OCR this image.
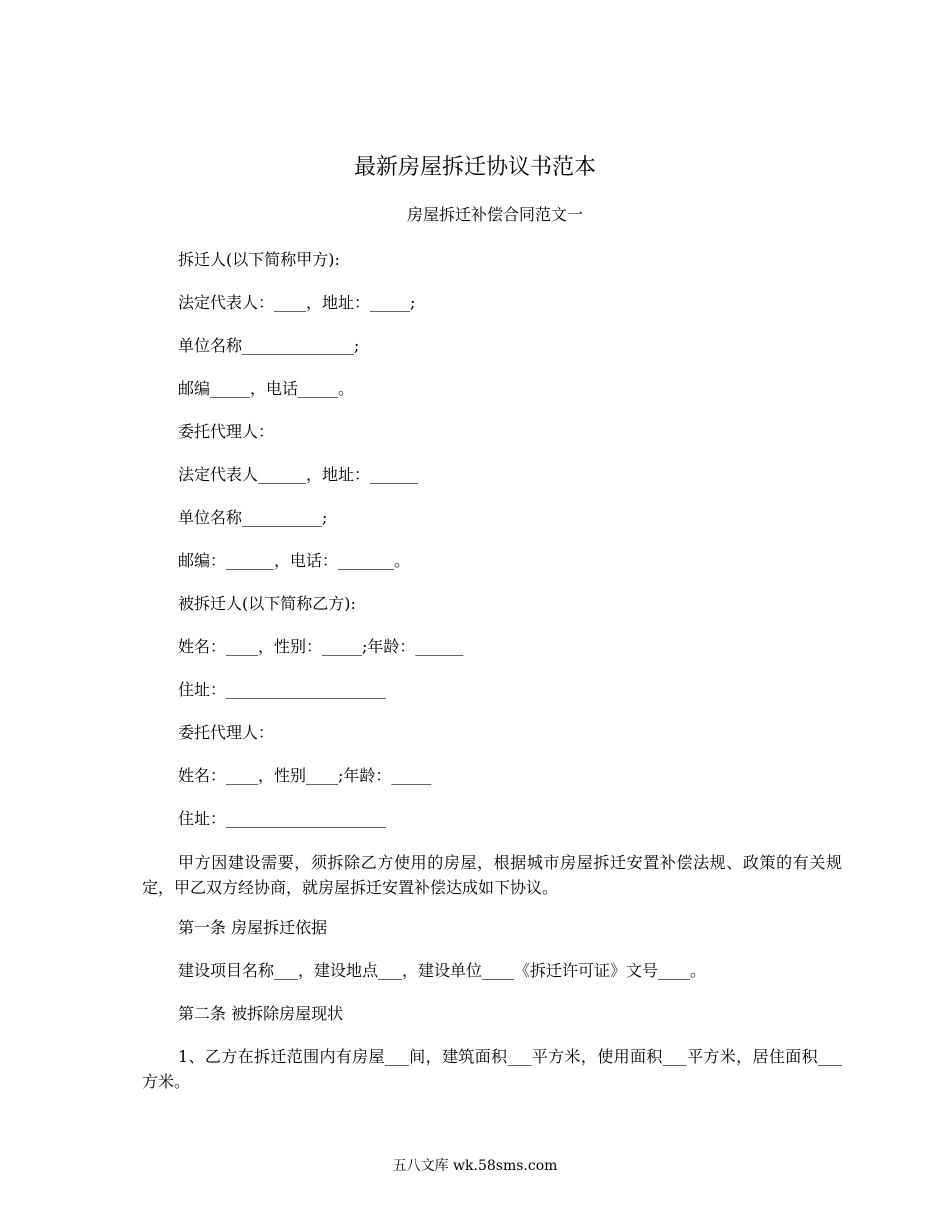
最新房屋拆迁协议书范本
房屋拆迁补偿合同范文一
拆迁人(以下简称甲方):
法定代表人：____，地址：_____;
单位名称______________;
邮编_____，电话_____。
委托代理人：
法定代表人______，地址：______
单位名称__________;
邮编：______，电话：_______。
被拆迁人(以下简称乙方):
姓名：____，性别：_____;年龄：______
住址：____________________
委托代理人：
姓名：____，性别____;年龄：_____
住址：____________________
甲方因建设需要，须拆除乙方使用的房屋，根据城市房屋拆迁安置补偿法规、政策的有关规定，甲乙双方经协商，就房屋拆迁安置补偿达成如下协议。
第一条 房屋拆迁依据
建设项目名称___，建设地点___，建设单位____《拆迁许可证》文号____。
第二条 被拆除房屋现状
1、乙方在拆迁范围内有房屋___间，建筑面积___平方米，使用面积___平方米，居住面积___方米。
五八文库 wk.58sms.com
